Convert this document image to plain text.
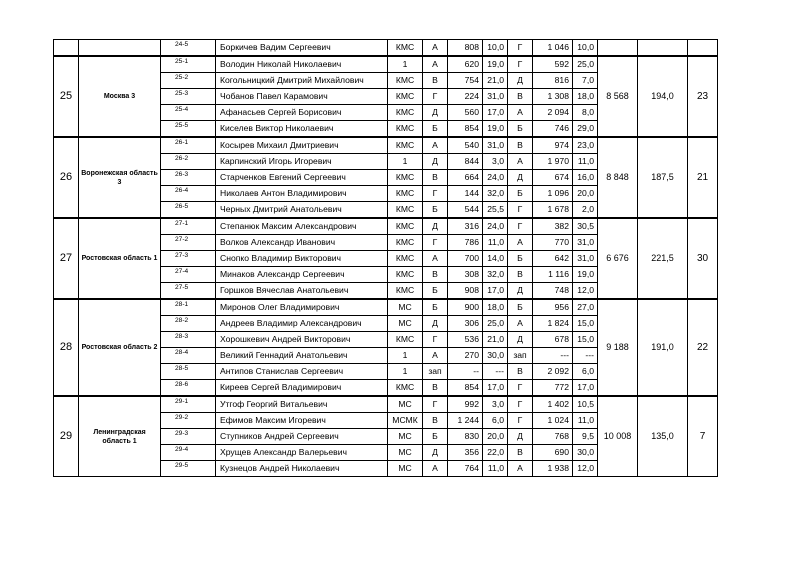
		24-5	Боркичев Вадим Сергеевич	КМС	А	808	10,0	Г	1 046	10,0			
25	Москва 3	25-1	Володин Николай Николаевич	1	А	620	19,0	Г	592	25,0	8 568	194,0	23
		25-2	Когольницкий Дмитрий Михайлович	КМС	В	754	21,0	Д	816	7,0			
		25-3	Чобанов Павел Карамович	КМС	Г	224	31,0	В	1 308	18,0			
		25-4	Афанасьев Сергей Борисович	КМС	Д	560	17,0	А	2 094	8,0			
		25-5	Киселев Виктор Николаевич	КМС	Б	854	19,0	Б	746	29,0			
26	Воронежская область 3	26-1	Косырев Михаил Дмитриевич	КМС	А	540	31,0	В	974	23,0	8 848	187,5	21
		26-2	Карпинский Игорь Игоревич	1	Д	844	3,0	А	1 970	11,0			
		26-3	Старченков Евгений Сергеевич	КМС	В	664	24,0	Д	674	16,0			
		26-4	Николаев Антон Владимирович	КМС	Г	144	32,0	Б	1 096	20,0			
		26-5	Черных Дмитрий Анатольевич	КМС	Б	544	25,5	Г	1 678	2,0			
27	Ростовская область 1	27-1	Степанюк Максим Александрович	КМС	Д	316	24,0	Г	382	30,5	6 676	221,5	30
		27-2	Волков Александр Иванович	КМС	Г	786	11,0	А	770	31,0			
		27-3	Снопко Владимир Викторович	КМС	А	700	14,0	Б	642	31,0			
		27-4	Минаков Александр Сергеевич	КМС	В	308	32,0	В	1 116	19,0			
		27-5	Горшков Вячеслав Анатольевич	КМС	Б	908	17,0	Д	748	12,0			
28	Ростовская область 2	28-1	Миронов Олег Владимирович	МС	Б	900	18,0	Б	956	27,0	9 188	191,0	22
		28-2	Андреев Владимир Александрович	МС	Д	306	25,0	А	1 824	15,0			
		28-3	Хорошкевич Андрей Викторович	КМС	Г	536	21,0	Д	678	15,0			
		28-4	Великий Геннадий Анатольевич	1	А	270	30,0	зап	---	---			
		28-5	Антипов Станислав Сергеевич	1	зап	--	---	В	2 092	6,0			
		28-6	Киреев Сергей Владимирович	КМС	В	854	17,0	Г	772	17,0			
29	Ленинградская область 1	29-1	Утгоф Георгий Витальевич	МС	Г	992	3,0	Г	1 402	10,5	10 008	135,0	7
		29-2	Ефимов Максим Игоревич	МСМК	В	1 244	6,0	Г	1 024	11,0			
		29-3	Ступников Андрей Сергеевич	МС	Б	830	20,0	Д	768	9,5			
		29-4	Хрущев Александр Валерьевич	МС	Д	356	22,0	В	690	30,0			
		29-5	Кузнецов Андрей Николаевич	МС	А	764	11,0	А	1 938	12,0			
